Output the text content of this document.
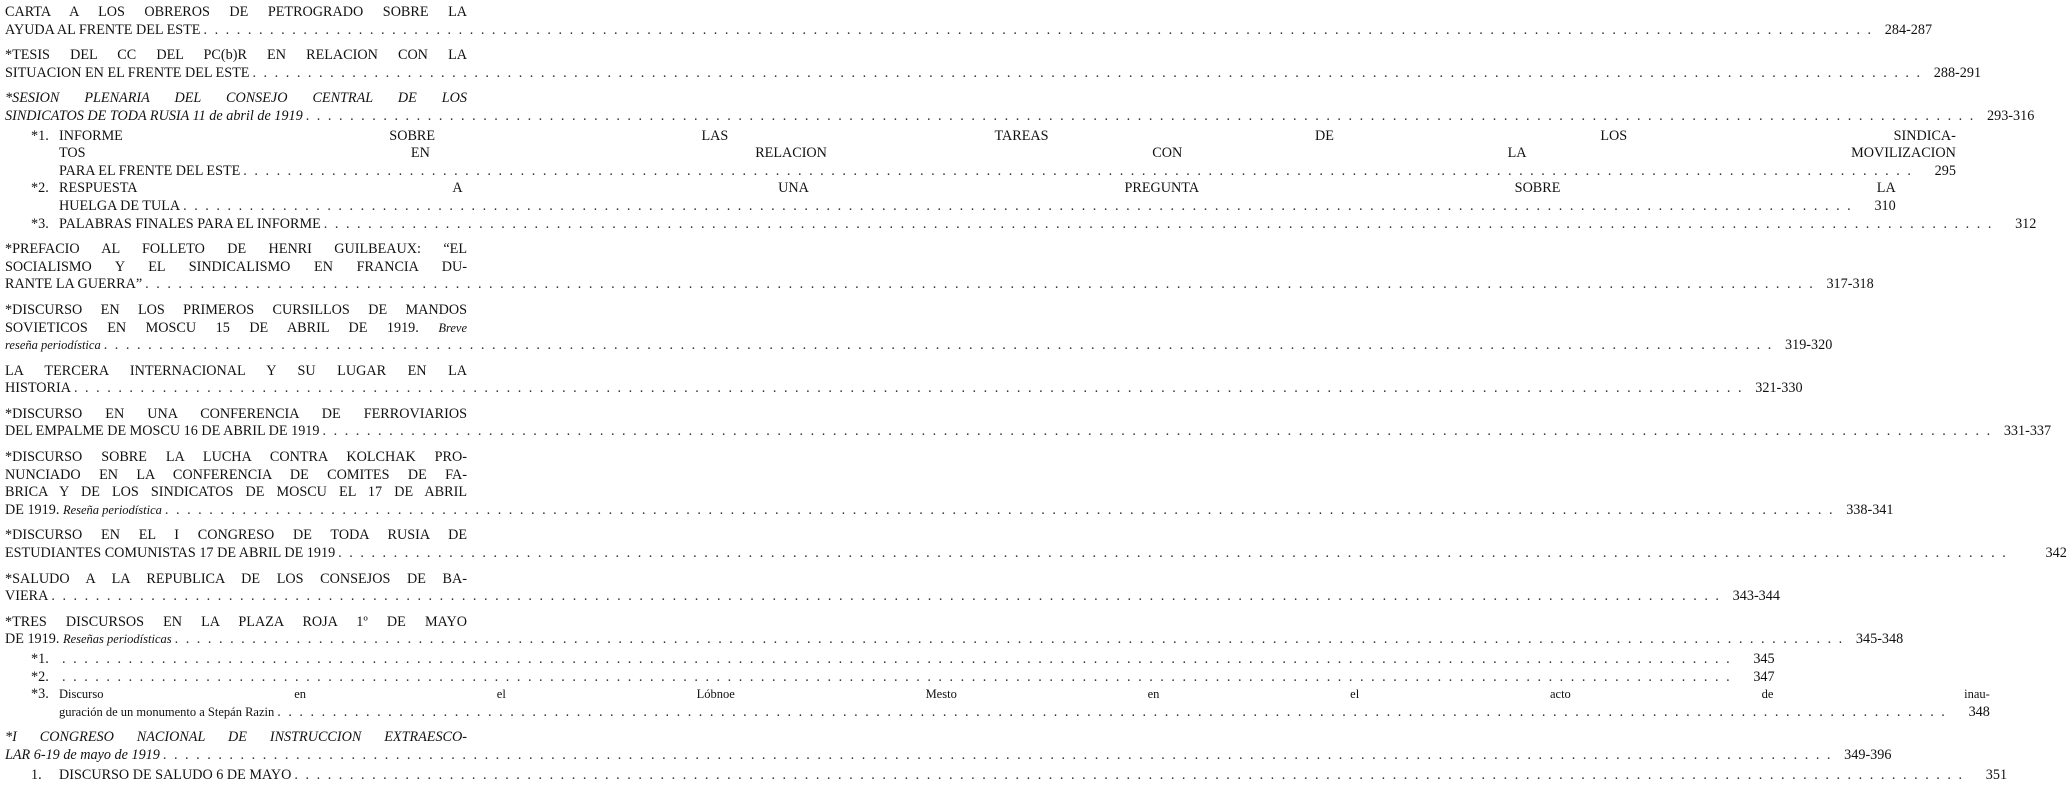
CARTA A LOS OBREROS DE PETROGRADO SOBRE LA
AYUDA AL FRENTE DEL ESTE . . .	284-287
*TESIS DEL CC DEL PC(b)R EN RELACION CON LA
SITUACION EN EL FRENTE DEL ESTE . . .	288-291
*SESION PLENARIA DEL CONSEJO CENTRAL DE LOS
SINDICATOS DE TODA RUSIA 11 de abril de 1919 . . .	293-316
*1. INFORME SOBRE LAS TAREAS DE LOS SINDICA-
TOS EN RELACION CON LA MOVILIZACION
PARA EL FRENTE DEL ESTE . . .	295
*2. RESPUESTA A UNA PREGUNTA SOBRE LA
HUELGA DE TULA . . .	310
*3. PALABRAS FINALES PARA EL INFORME . . .	312
*PREFACIO AL FOLLETO DE HENRI GUILBEAUX: “EL
SOCIALISMO Y EL SINDICALISMO EN FRANCIA DU-
RANTE LA GUERRA” . . .	317-318
*DISCURSO EN LOS PRIMEROS CURSILLOS DE MANDOS
SOVIETICOS EN MOSCU 15 DE ABRIL DE 1919. Breve
reseña periodística . . .	319-320
LA TERCERA INTERNACIONAL Y SU LUGAR EN LA
HISTORIA . . .	321-330
*DISCURSO EN UNA CONFERENCIA DE FERROVIARIOS
DEL EMPALME DE MOSCU 16 DE ABRIL DE 1919 . . .	331-337
*DISCURSO SOBRE LA LUCHA CONTRA KOLCHAK PRO-
NUNCIADO EN LA CONFERENCIA DE COMITES DE FA-
BRICA Y DE LOS SINDICATOS DE MOSCU EL 17 DE ABRIL
DE 1919. Reseña periodística . . .	338-341
*DISCURSO EN EL I CONGRESO DE TODA RUSIA DE
ESTUDIANTES COMUNISTAS 17 DE ABRIL DE 1919 . . .	342
*SALUDO A LA REPUBLICA DE LOS CONSEJOS DE BA-
VIERA . . .	343-344
*TRES DISCURSOS EN LA PLAZA ROJA 1º DE MAYO
DE 1919. Reseñas periodísticas . . .	345-348
*1. . . .	345
*2. . . .	347
*3. Discurso en el Lóbnoe Mesto en el acto de inau-
guración de un monumento a Stepán Razin . . .	348
*I CONGRESO NACIONAL DE INSTRUCCION EXTRAESCO-
LAR 6-19 de mayo de 1919 . . .	349-396
1.	DISCURSO DE SALUDO 6 DE MAYO . . .	351
